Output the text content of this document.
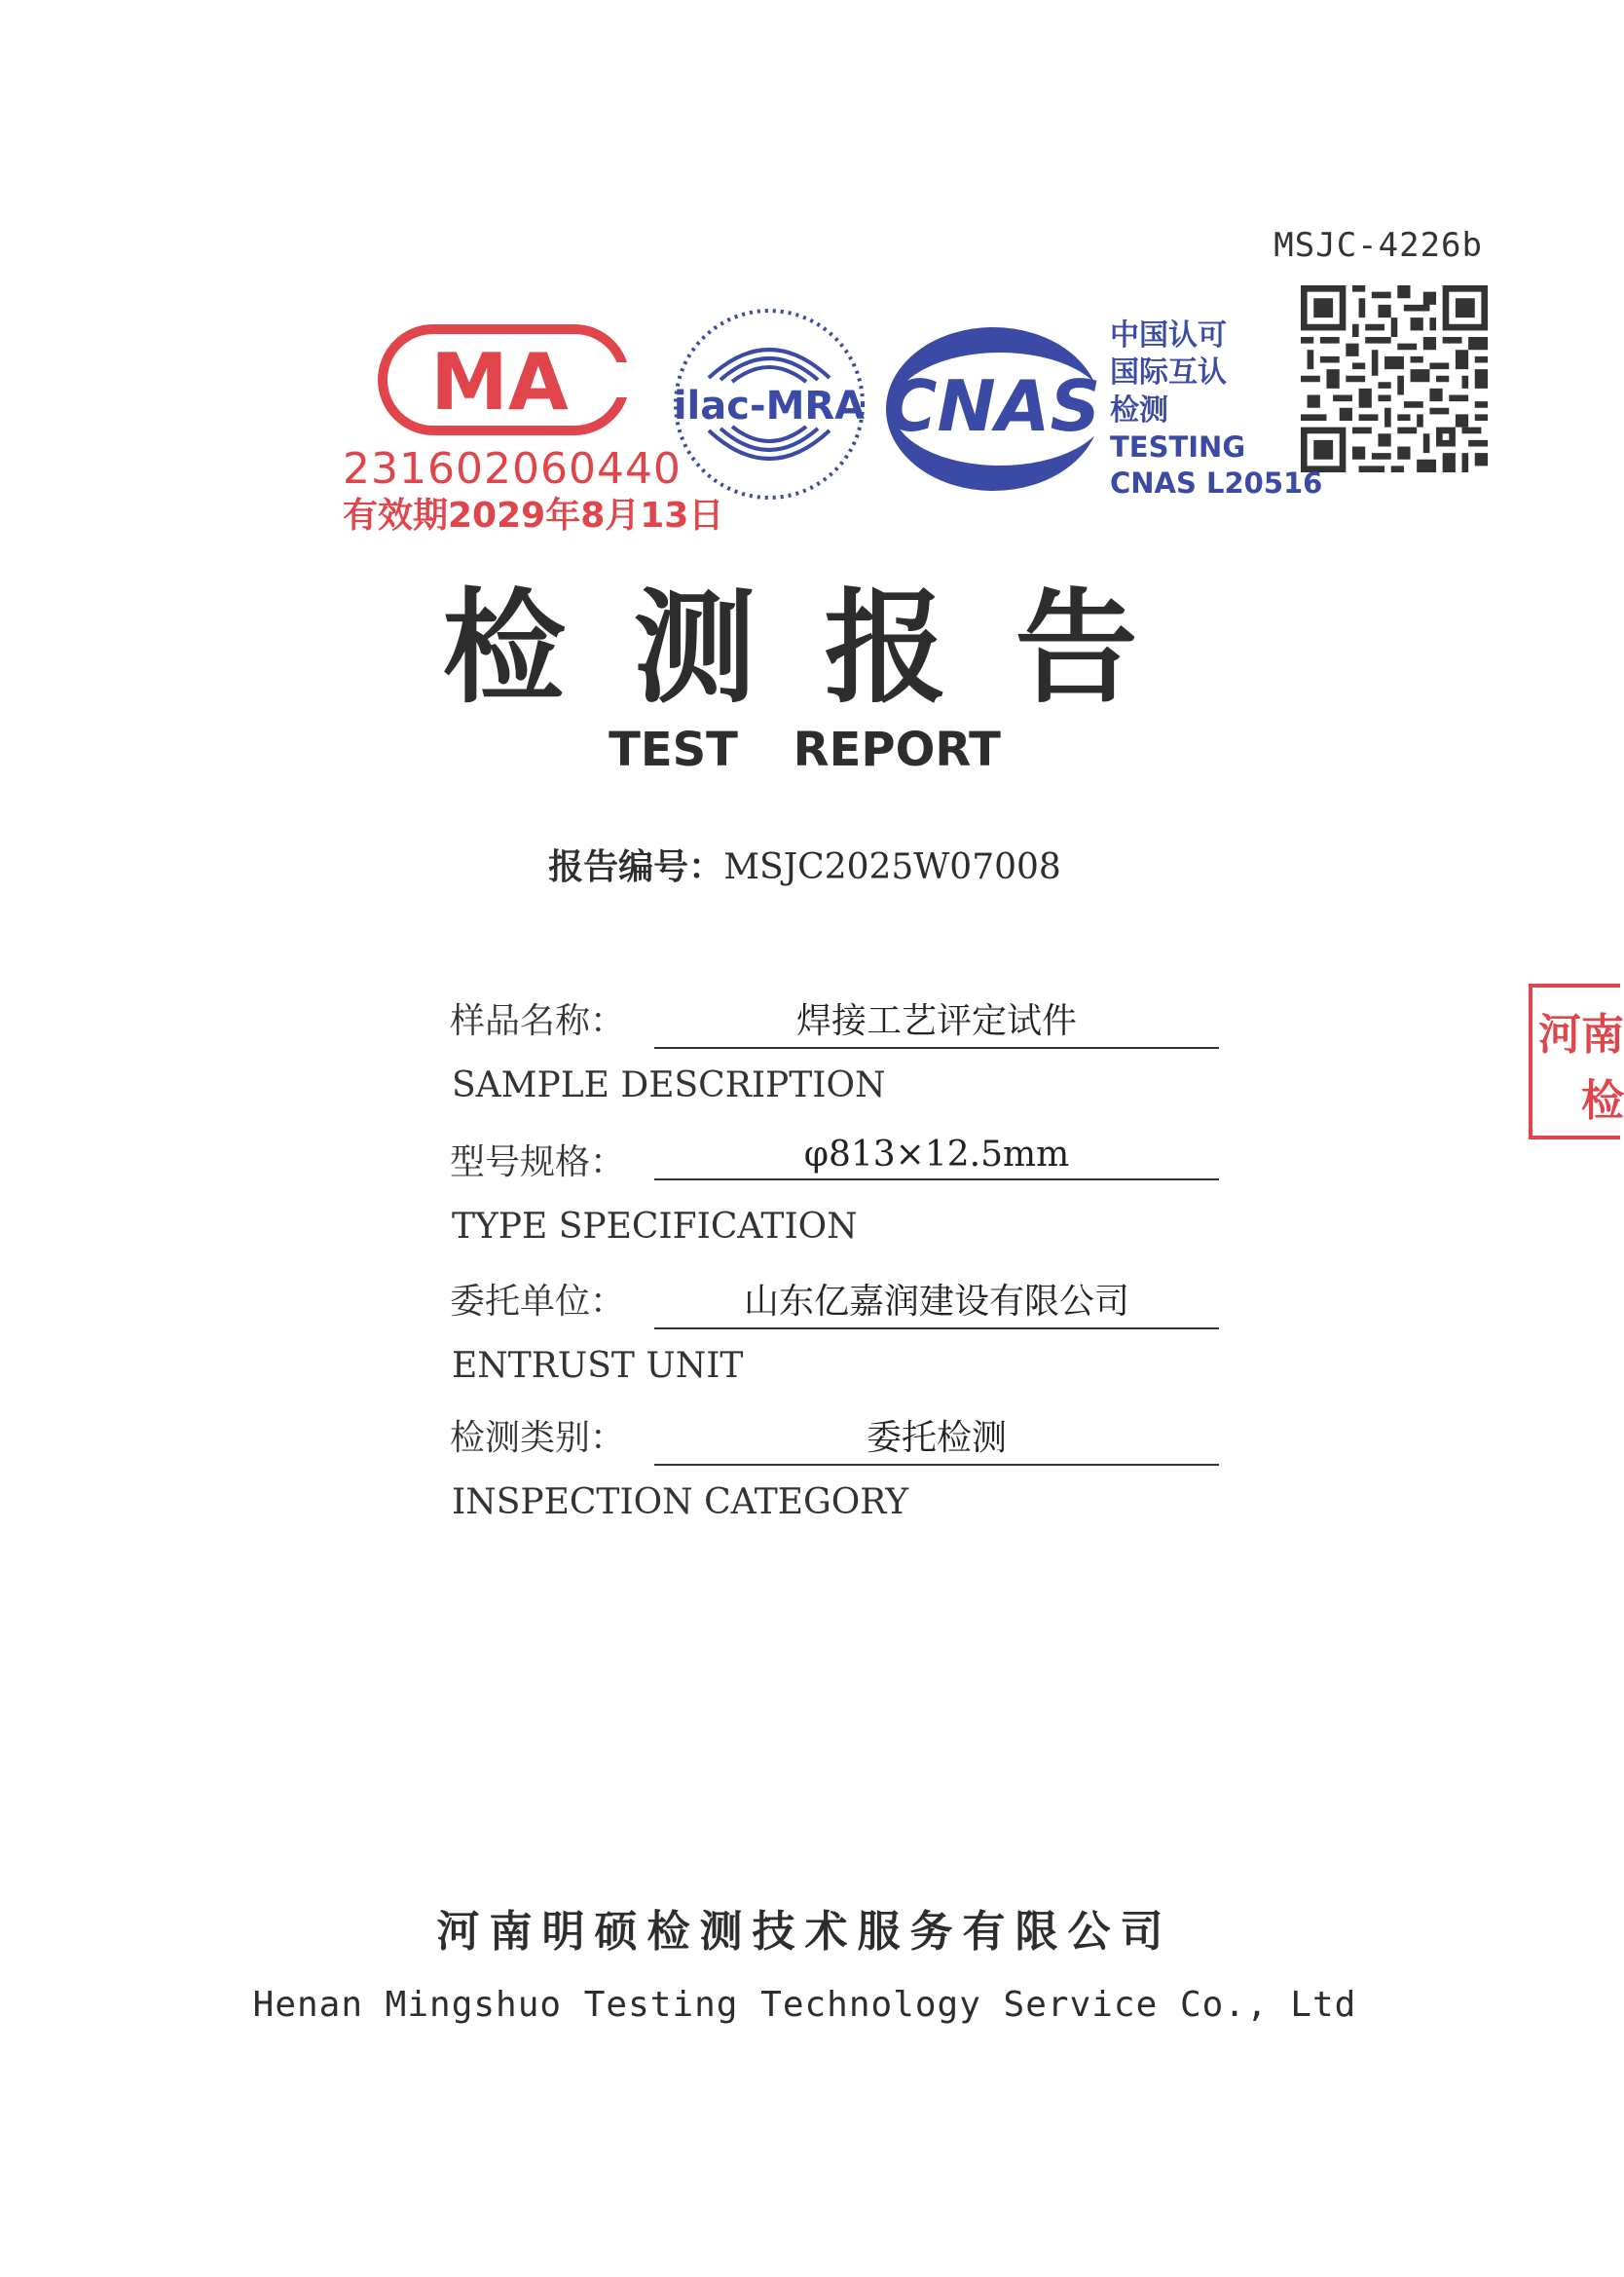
MSJC-4226b
MA
231602060440
有效期2029年8月13日
ilac-MRA CNAS
中国认可
国际互认
检测
TESTING
CNAS L20516
检测报告
TEST REPORT
报告编号：MSJC2025W07008
样品名称：	焊接工艺评定试件
SAMPLE DESCRIPTION
型号规格：	φ813×12.5mm
TYPE SPECIFICATION
委托单位：	山东亿嘉润建设有限公司
ENTRUST UNIT
检测类别：	委托检测
INSPECTION CATEGORY
河南
检
河南明硕检测技术服务有限公司
Henan Mingshuo Testing Technology Service Co., Ltd
